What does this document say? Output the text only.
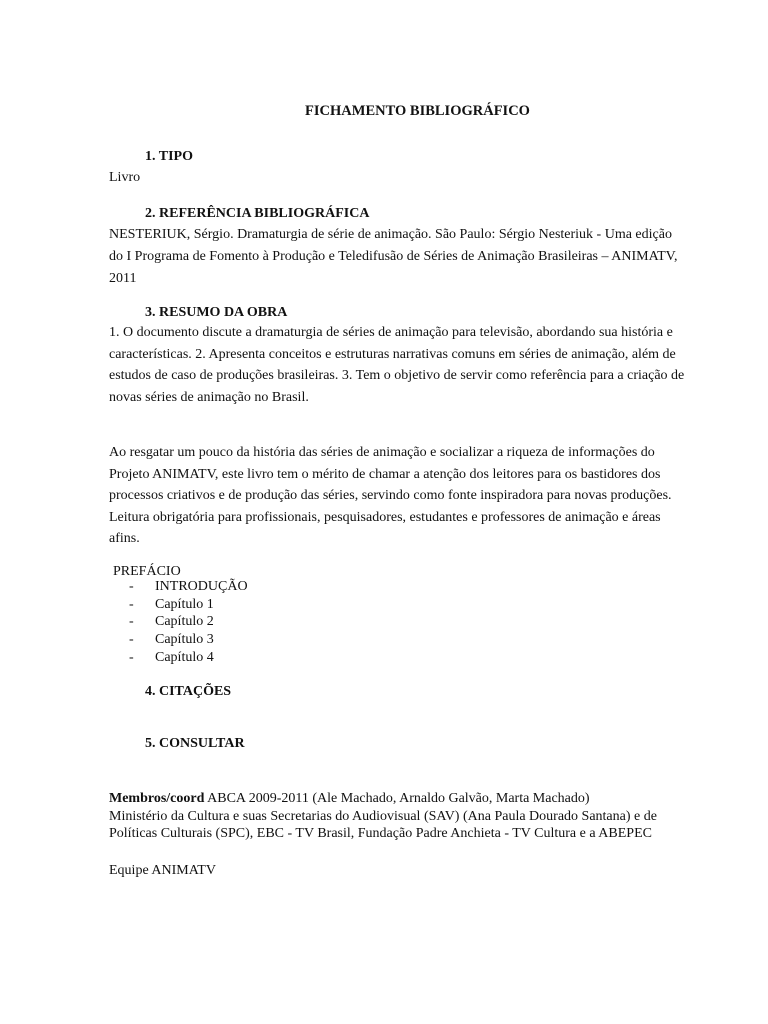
FICHAMENTO BIBLIOGRÁFICO
1. TIPO
Livro
2. REFERÊNCIA BIBLIOGRÁFICA
NESTERIUK, Sérgio. Dramaturgia de série de animação. São Paulo: Sérgio Nesteriuk - Uma edição
do I Programa de Fomento à Produção e Teledifusão de Séries de Animação Brasileiras – ANIMATV,
2011
3. RESUMO DA OBRA
1. O documento discute a dramaturgia de séries de animação para televisão, abordando sua história e
características. 2. Apresenta conceitos e estruturas narrativas comuns em séries de animação, além de
estudos de caso de produções brasileiras. 3. Tem o objetivo de servir como referência para a criação de
novas séries de animação no Brasil.
Ao resgatar um pouco da história das séries de animação e socializar a riqueza de informações do
Projeto ANIMATV, este livro tem o mérito de chamar a atenção dos leitores para os bastidores dos
processos criativos e de produção das séries, servindo como fonte inspiradora para novas produções.
Leitura obrigatória para profissionais, pesquisadores, estudantes e professores de animação e áreas
afins.
PREFÁCIO
-	INTRODUÇÃO
-	Capítulo 1
-	Capítulo 2
-	Capítulo 3
-	Capítulo 4
4. CITAÇÕES
5. CONSULTAR
Membros/coord ABCA 2009-2011 (Ale Machado, Arnaldo Galvão, Marta Machado)
Ministério da Cultura e suas Secretarias do Audiovisual (SAV) (Ana Paula Dourado Santana) e de
Políticas Culturais (SPC), EBC - TV Brasil, Fundação Padre Anchieta - TV Cultura e a ABEPEC
Equipe ANIMATV
